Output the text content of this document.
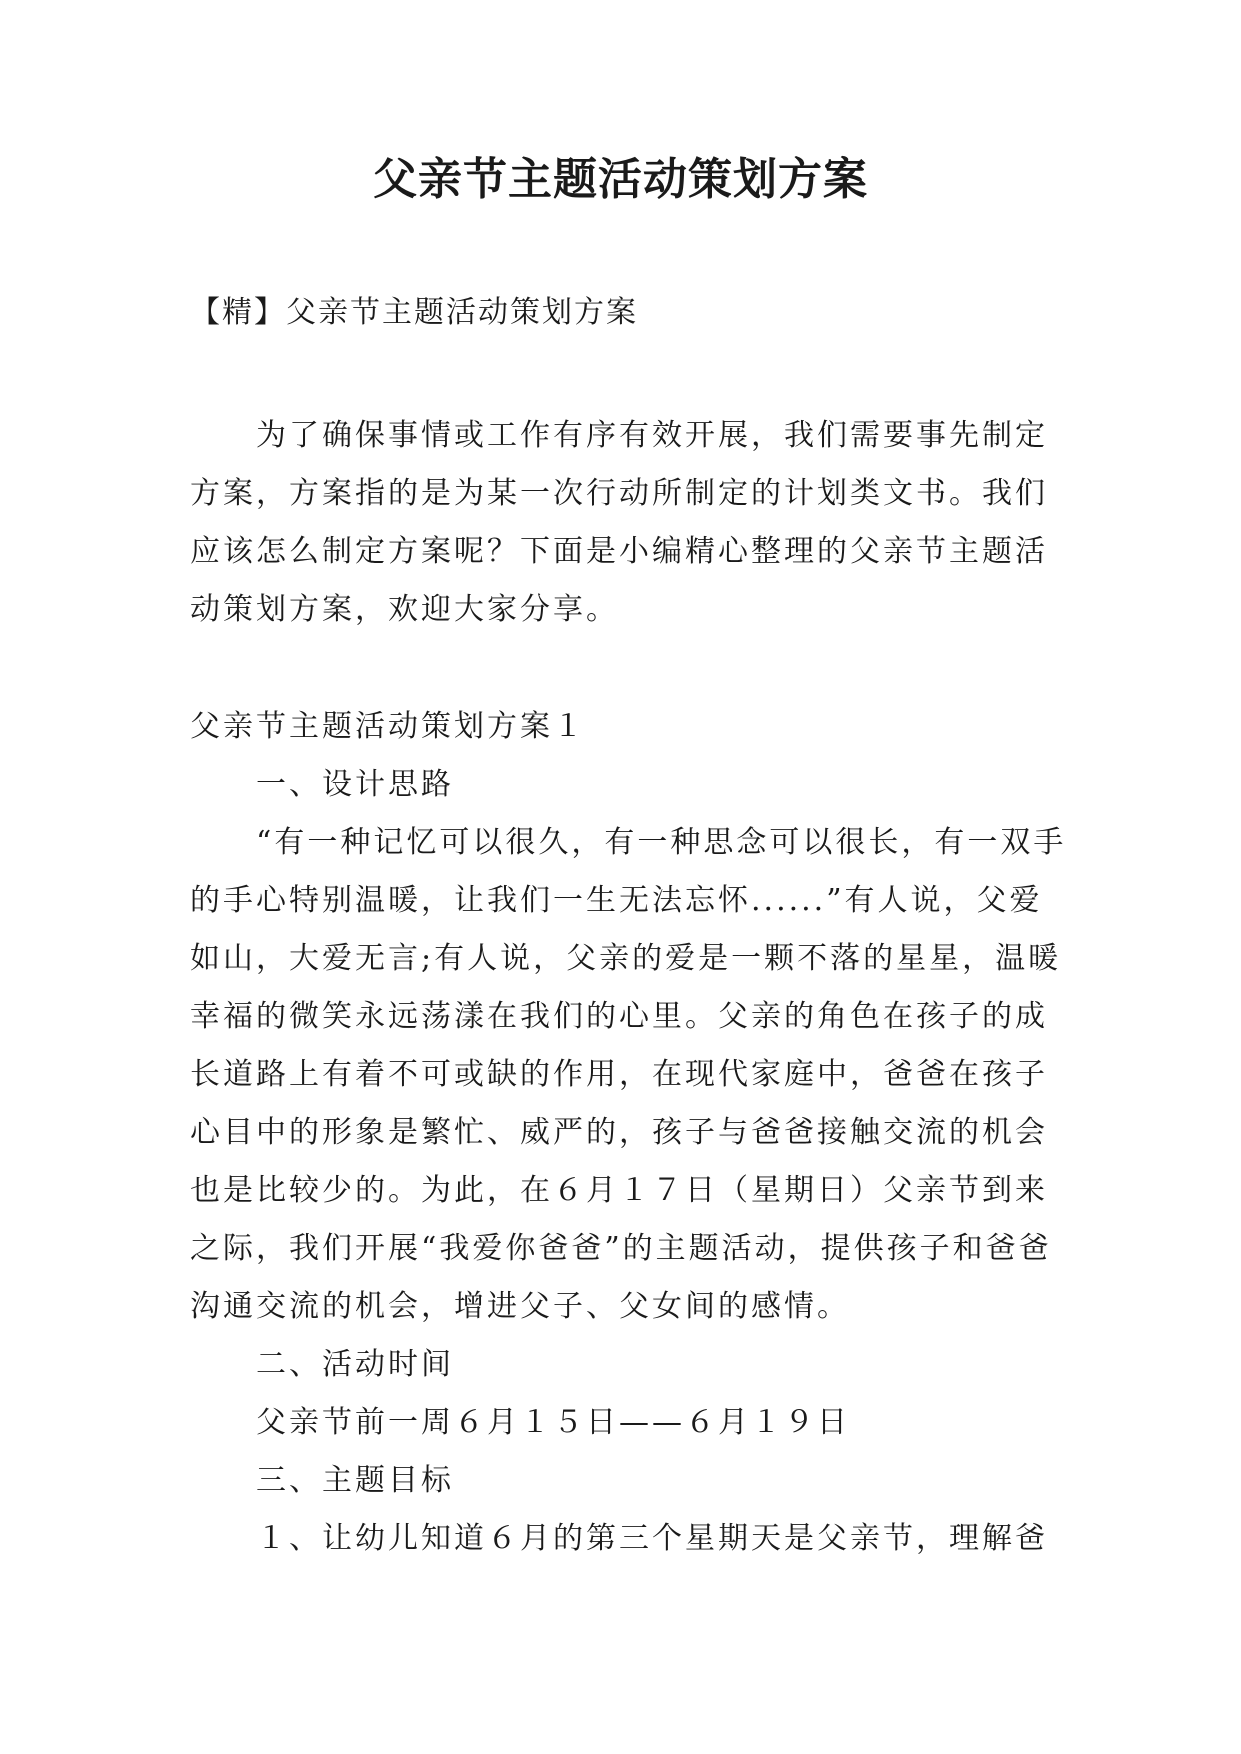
父亲节主题活动策划方案
【精】父亲节主题活动策划方案

为了确保事情或工作有序有效开展，我们需要事先制定方案，方案指的是为某一次行动所制定的计划类文书。我们应该怎么制定方案呢？下面是小编精心整理的父亲节主题活动策划方案，欢迎大家分享。

父亲节主题活动策划方案１

一、设计思路

“有一种记忆可以很久，有一种思念可以很长，有一双手的手心特别温暖，让我们一生无法忘怀......”有人说，父爱如山，大爱无言;有人说，父亲的爱是一颗不落的星星，温暖幸福的微笑永远荡漾在我们的心里。父亲的角色在孩子的成长道路上有着不可或缺的作用，在现代家庭中，爸爸在孩子心目中的形象是繁忙、威严的，孩子与爸爸接触交流的机会也是比较少的。为此，在６月１７日（星期日）父亲节到来之际，我们开展“我爱你爸爸”的主题活动，提供孩子和爸爸沟通交流的机会，增进父子、父女间的感情。

二、活动时间

父亲节前一周６月１５日——６月１９日

三、主题目标

１、让幼儿知道６月的第三个星期天是父亲节，理解爸
